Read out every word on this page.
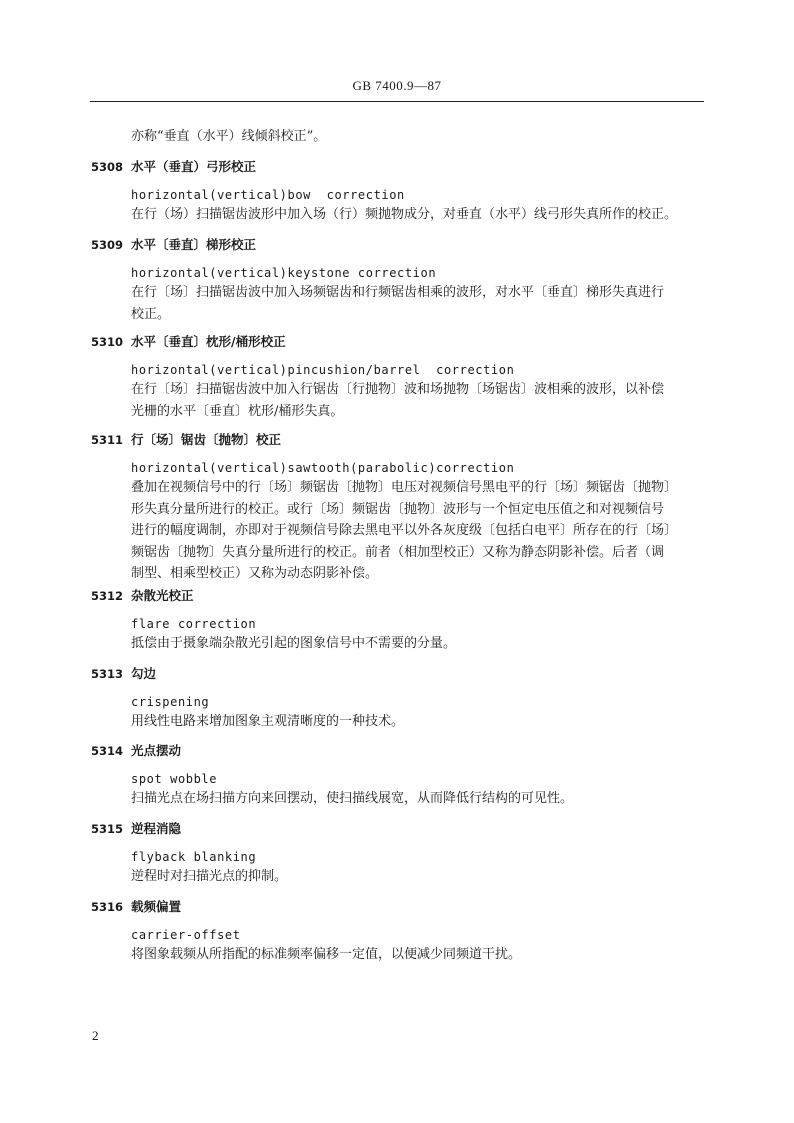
GB 7400.9—87
亦称“垂直（水平）线倾斜校正”。
5308 水平（垂直）弓形校正
horizontal(vertical)bow  correction
在行（场）扫描锯齿波形中加入场（行）频抛物成分，对垂直（水平）线弓形失真所作的校正。
5309 水平〔垂直〕梯形校正
horizontal(vertical)keystone correction
在行〔场〕扫描锯齿波中加入场频锯齿和行频锯齿相乘的波形，对水平〔垂直〕梯形失真进行
校正。
5310 水平〔垂直〕枕形/桶形校正
horizontal(vertical)pincushion/barrel  correction
在行〔场〕扫描锯齿波中加入行锯齿〔行抛物〕波和场抛物〔场锯齿〕波相乘的波形，以补偿
光栅的水平〔垂直〕枕形/桶形失真。
5311 行〔场〕锯齿〔抛物〕校正
horizontal(vertical)sawtooth(parabolic)correction
叠加在视频信号中的行〔场〕频锯齿〔抛物〕电压对视频信号黑电平的行〔场〕频锯齿〔抛物〕
形失真分量所进行的校正。或行〔场〕频锯齿〔抛物〕波形与一个恒定电压值之和对视频信号
进行的幅度调制，亦即对于视频信号除去黑电平以外各灰度级〔包括白电平〕所存在的行〔场〕
频锯齿〔抛物〕失真分量所进行的校正。前者（相加型校正）又称为静态阴影补偿。后者（调
制型、相乘型校正）又称为动态阴影补偿。
5312 杂散光校正
flare correction
抵偿由于摄象端杂散光引起的图象信号中不需要的分量。
5313 勾边
crispening
用线性电路来增加图象主观清晰度的一种技术。
5314 光点摆动
spot wobble
扫描光点在场扫描方向来回摆动，使扫描线展宽，从而降低行结构的可见性。
5315 逆程消隐
flyback blanking
逆程时对扫描光点的抑制。
5316 载频偏置
carrier-offset
将图象载频从所指配的标准频率偏移一定值，以便减少同频道干扰。
2
